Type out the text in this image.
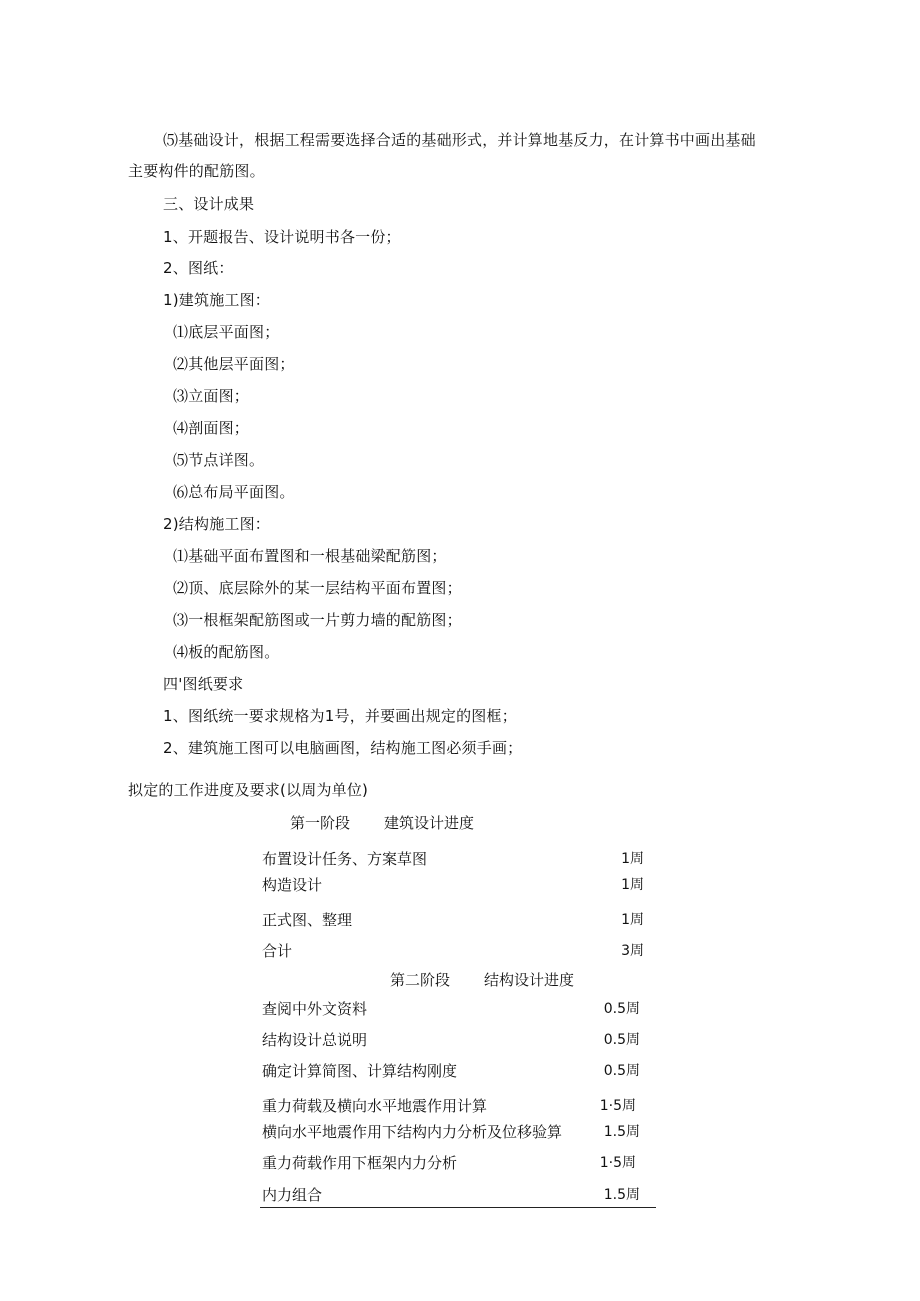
⑸基础设计，根据工程需要选择合适的基础形式，并计算地基反力，在计算书中画出基础
主要构件的配筋图。
三、设计成果
1、开题报告、设计说明书各一份；
2、图纸：
1)建筑施工图：
⑴底层平面图；
⑵其他层平面图；
⑶立面图；
⑷剖面图；
⑸节点详图。
⑹总布局平面图。
2)结构施工图：
⑴基础平面布置图和一根基础梁配筋图；
⑵顶、底层除外的某一层结构平面布置图；
⑶一根框架配筋图或一片剪力墙的配筋图；
⑷板的配筋图。
四'图纸要求
1、图纸统一要求规格为1号，并要画出规定的图框；
2、建筑施工图可以电脑画图，结构施工图必须手画；
拟定的工作进度及要求(以周为单位)
第一阶段 建筑设计进度
布置设计任务、方案草图	1周
构造设计	1周
正式图、整理	1周
合计	3周
第二阶段 结构设计进度
查阅中外文资料	0.5周
结构设计总说明	0.5周
确定计算简图、计算结构刚度	0.5周
重力荷载及横向水平地震作用计算	1·5周
横向水平地震作用下结构内力分析及位移验算	1.5周
重力荷载作用下框架内力分析	1·5周
内力组合	1.5周
